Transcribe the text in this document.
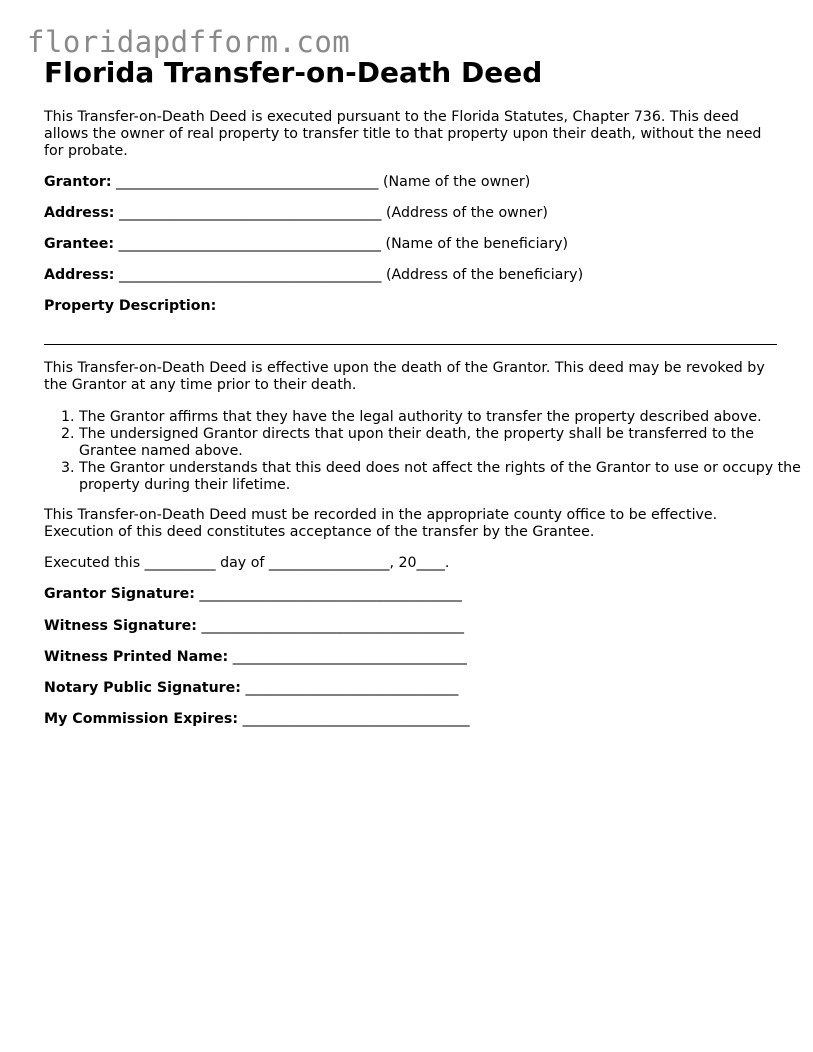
floridapdfform.com
Florida Transfer-on-Death Deed

This Transfer-on-Death Deed is executed pursuant to the Florida Statutes, Chapter 736. This deed allows the owner of real property to transfer title to that property upon their death, without the need for probate.

Grantor: _____________________________________ (Name of the owner)
Address: _____________________________________ (Address of the owner)
Grantee: _____________________________________ (Name of the beneficiary)
Address: _____________________________________ (Address of the beneficiary)
Property Description:

This Transfer-on-Death Deed is effective upon the death of the Grantor. This deed may be revoked by the Grantor at any time prior to their death.

1. The Grantor affirms that they have the legal authority to transfer the property described above.
2. The undersigned Grantor directs that upon their death, the property shall be transferred to the Grantee named above.
3. The Grantor understands that this deed does not affect the rights of the Grantor to use or occupy the property during their lifetime.

This Transfer-on-Death Deed must be recorded in the appropriate county office to be effective. Execution of this deed constitutes acceptance of the transfer by the Grantee.

Executed this __________ day of _________________, 20____.

Grantor Signature: _____________________________________
Witness Signature: _____________________________________
Witness Printed Name: _________________________________
Notary Public Signature: ______________________________
My Commission Expires: ________________________________
